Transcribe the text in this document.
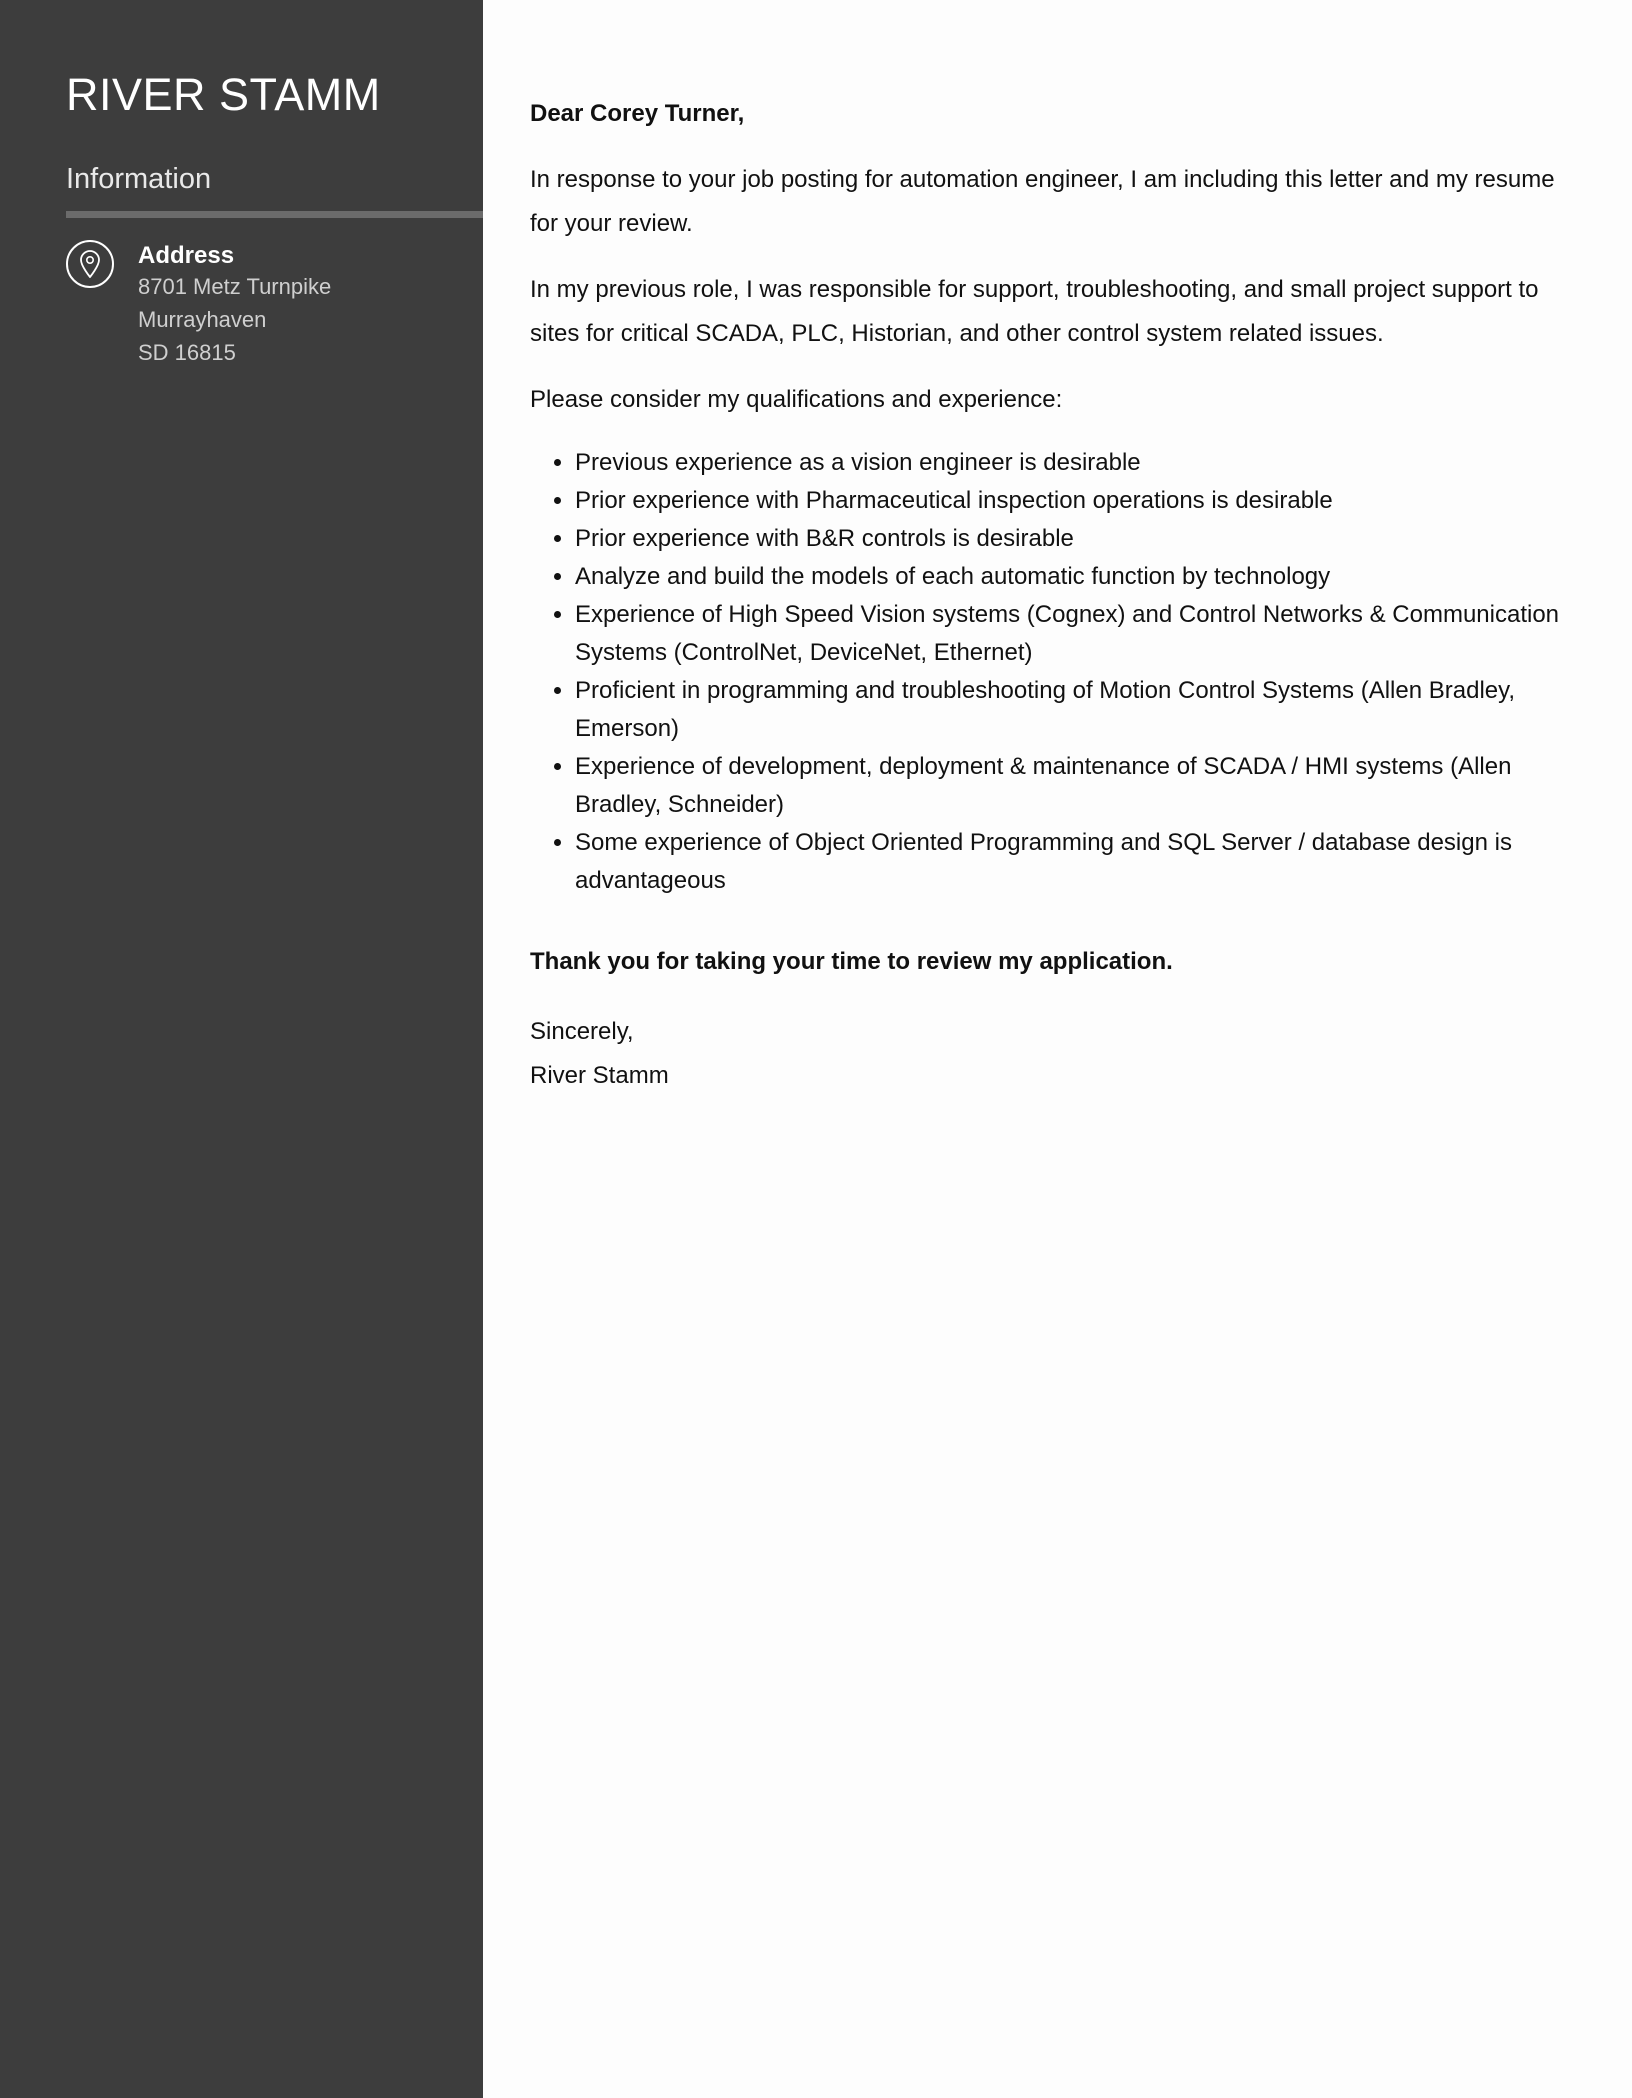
RIVER STAMM
Information
Address
8701 Metz Turnpike
Murrayhaven
SD 16815

Dear Corey Turner,

In response to your job posting for automation engineer, I am including this letter and my resume for your review.

In my previous role, I was responsible for support, troubleshooting, and small project support to sites for critical SCADA, PLC, Historian, and other control system related issues.

Please consider my qualifications and experience:

• Previous experience as a vision engineer is desirable
• Prior experience with Pharmaceutical inspection operations is desirable
• Prior experience with B&R controls is desirable
• Analyze and build the models of each automatic function by technology
• Experience of High Speed Vision systems (Cognex) and Control Networks & Communication Systems (ControlNet, DeviceNet, Ethernet)
• Proficient in programming and troubleshooting of Motion Control Systems (Allen Bradley, Emerson)
• Experience of development, deployment & maintenance of SCADA / HMI systems (Allen Bradley, Schneider)
• Some experience of Object Oriented Programming and SQL Server / database design is advantageous

Thank you for taking your time to review my application.

Sincerely,

River Stamm
